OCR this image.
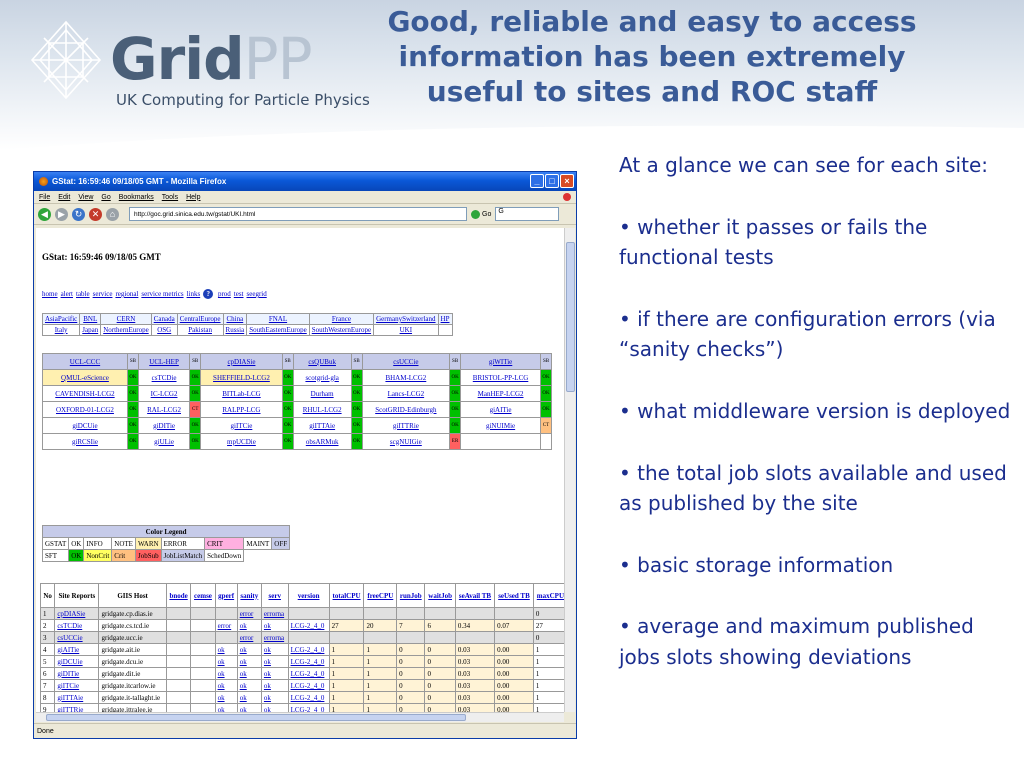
GridPP
UK Computing for Particle Physics
Good, reliable and easy to access
information has been extremely
useful to sites and ROC staff

At a glance we can see for each site:

• whether it passes or fails the functional tests

• if there are configuration errors (via “sanity checks”)

• what middleware version is deployed

• the total job slots available and used as published by the site

• basic storage information

• average and maximum published jobs slots showing deviations

GStat: 16:59:46 09/18/05 GMT - Mozilla Firefox	_	□	×
File Edit View Go Bookmarks Tools Help
◀	▶	↻	✕	⌂	http://goc.grid.sinica.edu.tw/gstat/UKI.html	Go	G
GStat: 16:59:46 09/18/05 GMT
home alert table service regional service metrics links ? prod test seegrid
AsiaPacific	BNL	CERN	Canada	CentralEurope	China	FNAL	France	GermanySwitzerland	HP
Italy	Japan	NorthernEurope	OSG	Pakistan	Russia	SouthEasternEurope	SouthWesternEurope	UKI	
UCL-CCC	SB	UCL-HEP	SB	cpDIASie	SB	csQUBuk	SB	csUCCie	SB	giWITie	SB
QMUL-eScience	OK	csTCDie	OK	SHEFFIELD-LCG2	OK	scotgrid-gla	OK	BHAM-LCG2	OK	BRISTOL-PP-LCG	OK
CAVENDISH-LCG2	OK	IC-LCG2	OK	BITLab-LCG	OK	Durham	OK	Lancs-LCG2	OK	ManHEP-LCG2	OK
OXFORD-01-LCG2	OK	RAL-LCG2	CT	RALPP-LCG	OK	RHUL-LCG2	OK	ScotGRID-Edinburgh	OK	giAITie	OK
giDCUie	OK	giDITie	OK	giITCie	OK	giITTAie	OK	giITTRie	OK	giNUIMie	CT
giRCSIie	OK	giULie	OK	mpUCDie	OK	obsARMuk	OK	scgNUIGie	ER		
Color Legend								
GSTAT	OK	INFO	NOTE	WARN	ERROR	CRIT	MAINT	OFF
SFT	OK	NonCrit	Crit	JobSub	JobListMatch	SchedDown		
No	Site Reports	GIIS Host	bnode	cemse	gperf	sanity	serv	version	totalCPU	freeCPU	runJob	waitJob	seAvail TB	seUsed TB	maxCPU
1	cpDIASie	gridgate.cp.dias.ie				error	errorna								0
2	csTCDie	gridgate.cs.tcd.ie			error	ok	ok	LCG-2_4_0	27	20	7	6	0.34	0.07	27
3	csUCCie	gridgate.ucc.ie				error	errorna								0
4	giAITie	gridgate.ait.ie			ok	ok	ok	LCG-2_4_0	1	1	0	0	0.03	0.00	1
5	giDCUie	gridgate.dcu.ie			ok	ok	ok	LCG-2_4_0	1	1	0	0	0.03	0.00	1
6	giDITie	gridgate.dit.ie			ok	ok	ok	LCG-2_4_0	1	1	0	0	0.03	0.00	1
7	giITCie	gridgate.itcarlow.ie			ok	ok	ok	LCG-2_4_0	1	1	0	0	0.03	0.00	1
8	giITTAie	gridgate.it-tallaght.ie			ok	ok	ok	LCG-2_4_0	1	1	0	0	0.03	0.00	1
9	giITTRie	gridgate.ittralee.ie			ok	ok	ok	LCG-2_4_0	1	1	0	0	0.03	0.00	1

Done
